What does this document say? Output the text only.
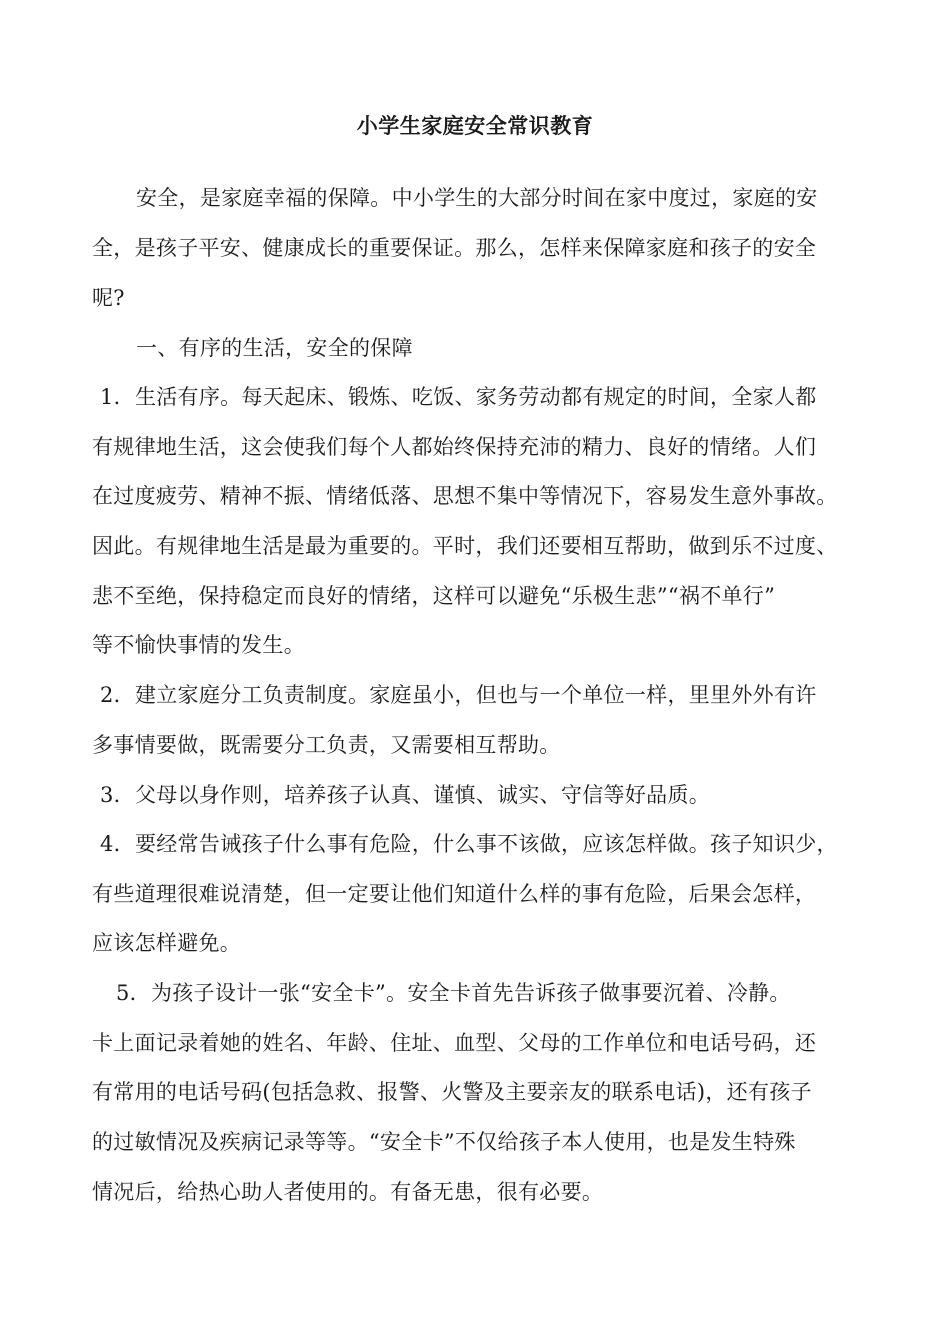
小学生家庭安全常识教育
安全，是家庭幸福的保障。中小学生的大部分时间在家中度过，家庭的安
全，是孩子平安、健康成长的重要保证。那么，怎样来保障家庭和孩子的安全
呢?
一、有序的生活，安全的保障
1．生活有序。每天起床、锻炼、吃饭、家务劳动都有规定的时间，全家人都
有规律地生活，这会使我们每个人都始终保持充沛的精力、良好的情绪。人们
在过度疲劳、精神不振、情绪低落、思想不集中等情况下，容易发生意外事故。
因此。有规律地生活是最为重要的。平时，我们还要相互帮助，做到乐不过度、
悲不至绝，保持稳定而良好的情绪，这样可以避免“乐极生悲”“祸不单行”
等不愉快事情的发生。
2．建立家庭分工负责制度。家庭虽小，但也与一个单位一样，里里外外有许
多事情要做，既需要分工负责，又需要相互帮助。
3．父母以身作则，培养孩子认真、谨慎、诚实、守信等好品质。
4．要经常告诫孩子什么事有危险，什么事不该做，应该怎样做。孩子知识少，
有些道理很难说清楚，但一定要让他们知道什么样的事有危险，后果会怎样，
应该怎样避免。
5．为孩子设计一张“安全卡”。安全卡首先告诉孩子做事要沉着、冷静。
卡上面记录着她的姓名、年龄、住址、血型、父母的工作单位和电话号码，还
有常用的电话号码(包括急救、报警、火警及主要亲友的联系电话)，还有孩子
的过敏情况及疾病记录等等。“安全卡”不仅给孩子本人使用，也是发生特殊
情况后，给热心助人者使用的。有备无患，很有必要。
